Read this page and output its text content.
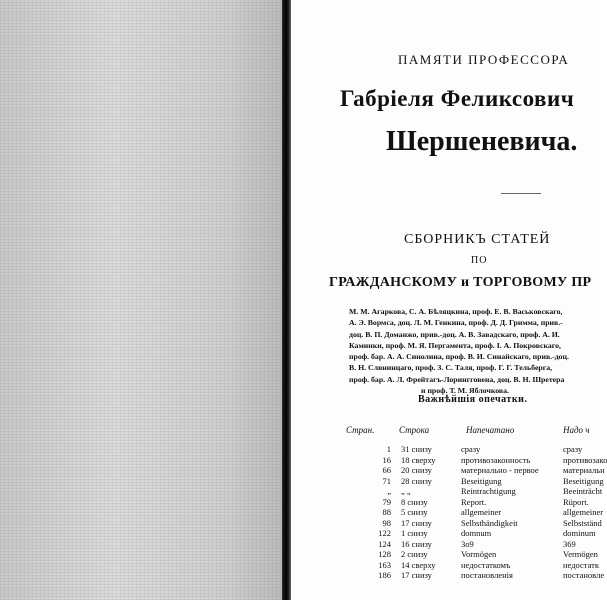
ПАМЯТИ ПРОФЕССОРА
Габріеля Феликсович
Шершеневича.
СБОРНИКЪ СТАТЕЙ
ПО
ГРАЖДАНСКОМУ и ТОРГОВОМУ ПР
М. М. Агаркова, С. А. Бѣляцкина, проф. Е. В. Васьковскаго,
А. Э. Вормса, доц. Л. М. Генкина, проф. Д. Д. Гримма, прив.-
доц. В. П. Доманжо, прив.-доц. А. В. Завадскаго, проф. А. И.
Каминки, проф. М. Я. Пергамента, проф. І. А. Покровскаго,
проф. бар. А. А. Синолина, проф. В. И. Синайскаго, прив.-доц.
В. Н. Слвнинцаго, проф. З. С. Таля, проф. Г. Г. Тельберга,
проф. бар. А. Л. Фрейтагъ-Лорингговена, доц. В. Н. Шретера
и проф. Т. М. Яблочкова.
Важнѣйшія опечатки.
Стран.	Строка	Напечатано	Надо ч
1 31 снизу	сразу	сразу
16 18 сверху	противозаконность	противозако
66 20 снизу	материально - первое	материальн
71 28 снизу	Beseitigung	Beseitigung
„ „ „	Reintrachtigung	Beeinträcht
79 8 снизу	Report.	Rüport.
88 5 снизу	allgemeiner	allgemeiner
98 17 снизу	Selbsthändigkeit	Selbstständ
122 1 снизу	domnum	dominum
124 16 снизу	3о9	369
128 2 снизу	Vormögen	Vermögen
163 14 сверху	недостаткомъ	недостатк
186 17 снизу	постановленія	постановле
